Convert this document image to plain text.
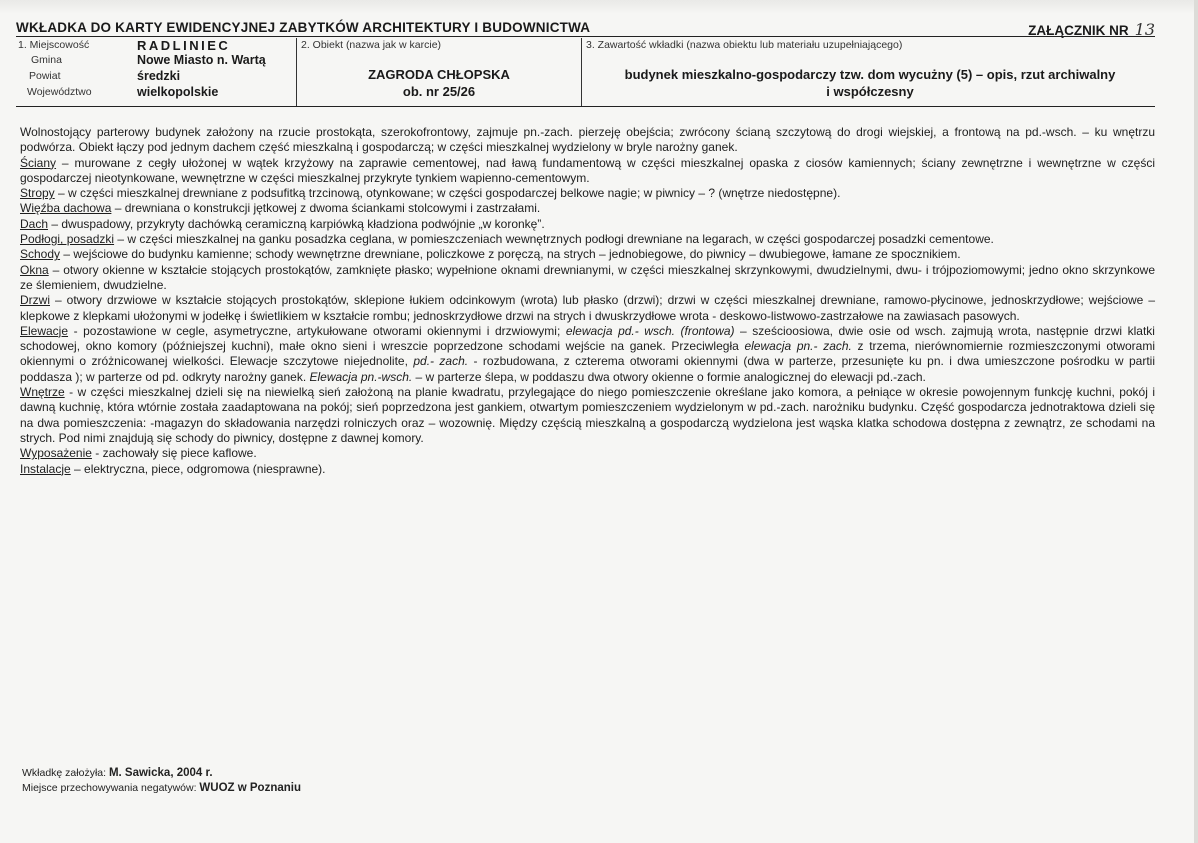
WKŁADKA DO KARTY EWIDENCYJNEJ ZABYTKÓW ARCHITEKTURY I BUDOWNICTWA	ZAŁĄCZNIK NR 13
1. Miejscowość	RADLINIEC
Gmina	Nowe Miasto n. Wartą
Powiat	średzki
Województwo	wielkopolskie
2. Obiekt (nazwa jak w karcie)
ZAGRODA CHŁOPSKA
ob. nr 25/26
3. Zawartość wkładki (nazwa obiektu lub materiału uzupełniającego)
budynek mieszkalno-gospodarczy tzw. dom wycużny (5) – opis, rzut archiwalny
i współczesny

Wolnostojący parterowy budynek założony na rzucie prostokąta, szerokofrontowy, zajmuje pn.-zach. pierzeję obejścia; zwrócony ścianą szczytową do drogi wiejskiej, a frontową na pd.-wsch. – ku wnętrzu podwórza. Obiekt łączy pod jednym dachem część mieszkalną i gospodarczą; w części mieszkalnej wydzielony w bryle narożny ganek.

Ściany – murowane z cegły ułożonej w wątek krzyżowy na zaprawie cementowej, nad ławą fundamentową w części mieszkalnej opaska z ciosów kamiennych; ściany zewnętrzne i wewnętrzne w części gospodarczej nieotynkowane, wewnętrzne w części mieszkalnej przykryte tynkiem wapienno-cementowym.

Stropy – w części mieszkalnej drewniane z podsufitką trzcinową, otynkowane; w części gospodarczej belkowe nagie; w piwnicy – ? (wnętrze niedostępne).

Więźba dachowa – drewniana o konstrukcji jętkowej z dwoma ściankami stolcowymi i zastrzałami.

Dach – dwuspadowy, przykryty dachówką ceramiczną karpiówką kładziona podwójnie „w koronkę”.

Podłogi, posadzki – w części mieszkalnej na ganku posadzka ceglana, w pomieszczeniach wewnętrznych podłogi drewniane na legarach, w części gospodarczej posadzki cementowe.

Schody – wejściowe do budynku kamienne; schody wewnętrzne drewniane, policzkowe z poręczą, na strych – jednobiegowe, do piwnicy – dwubiegowe, łamane ze spocznikiem.

Okna – otwory okienne w kształcie stojących prostokątów, zamknięte płasko; wypełnione oknami drewnianymi, w części mieszkalnej skrzynkowymi, dwudzielnymi, dwu- i trójpoziomowymi; jedno okno skrzynkowe ze ślemieniem, dwudzielne.

Drzwi – otwory drzwiowe w kształcie stojących prostokątów, sklepione łukiem odcinkowym (wrota) lub płasko (drzwi); drzwi w części mieszkalnej drewniane, ramowo-płycinowe, jednoskrzydłowe; wejściowe – klepkowe z klepkami ułożonymi w jodełkę i świetlikiem w kształcie rombu; jednoskrzydłowe drzwi na strych i dwuskrzydłowe wrota - deskowo-listwowo-zastrzałowe na zawiasach pasowych.

Elewacje - pozostawione w cegle, asymetryczne, artykułowane otworami okiennymi i drzwiowymi; elewacja pd.- wsch. (frontowa) – sześcioosiowa, dwie osie od wsch. zajmują wrota, następnie drzwi klatki schodowej, okno komory (późniejszej kuchni), małe okno sieni i wreszcie poprzedzone schodami wejście na ganek. Przeciwległa elewacja pn.- zach. z trzema, nierównomiernie rozmieszczonymi otworami okiennymi o zróżnicowanej wielkości. Elewacje szczytowe niejednolite, pd.- zach. - rozbudowana, z czterema otworami okiennymi (dwa w parterze, przesunięte ku pn. i dwa umieszczone pośrodku w partii poddasza ); w parterze od pd. odkryty narożny ganek. Elewacja pn.-wsch. – w parterze ślepa, w poddaszu dwa otwory okienne o formie analogicznej do elewacji pd.-zach.

Wnętrze - w części mieszkalnej dzieli się na niewielką sień założoną na planie kwadratu, przylegające do niego pomieszczenie określane jako komora, a pełniące w okresie powojennym funkcję kuchni, pokój i dawną kuchnię, która wtórnie została zaadaptowana na pokój; sień poprzedzona jest gankiem, otwartym pomieszczeniem wydzielonym w pd.-zach. narożniku budynku. Część gospodarcza jednotraktowa dzieli się na dwa pomieszczenia: -magazyn do składowania narzędzi rolniczych oraz – wozownię. Między częścią mieszkalną a gospodarczą wydzielona jest wąska klatka schodowa dostępna z zewnątrz, ze schodami na strych. Pod nimi znajdują się schody do piwnicy, dostępne z dawnej komory.

Wyposażenie - zachowały się piece kaflowe.

Instalacje – elektryczna, piece, odgromowa (niesprawne).

Wkładkę założyła: M. Sawicka, 2004 r.
Miejsce przechowywania negatywów: WUOZ w Poznaniu
